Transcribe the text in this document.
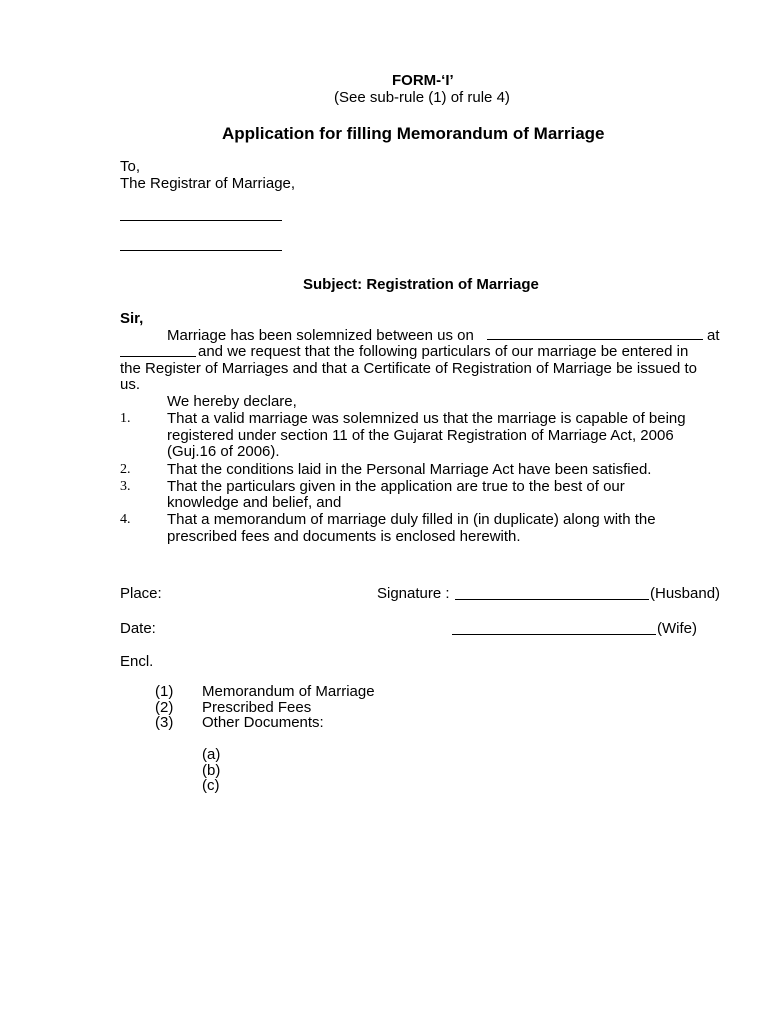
FORM-‘I’
(See sub-rule (1) of rule 4)
Application for filling Memorandum of Marriage
To,
The Registrar of Marriage,
Subject: Registration of Marriage
Sir,
Marriage has been solemnized between us on	at
and we request that the following particulars of our marriage be entered in
the Register of Marriages and that a Certificate of Registration of Marriage be issued to
us.
We hereby declare,
1. That a valid marriage was solemnized us that the marriage is capable of being
registered under section 11 of the Gujarat Registration of Marriage Act, 2006
(Guj.16 of 2006).
2. That the conditions laid in the Personal Marriage Act have been satisfied.
3. That the particulars given in the application are true to the best of our
knowledge and belief, and
4. That a memorandum of marriage duly filled in (in duplicate) along with the
prescribed fees and documents is enclosed herewith.
Place:	Signature :	(Husband)
Date:	(Wife)
Encl.
(1) Memorandum of Marriage
(2) Prescribed Fees
(3) Other Documents:
(a)
(b)
(c)
